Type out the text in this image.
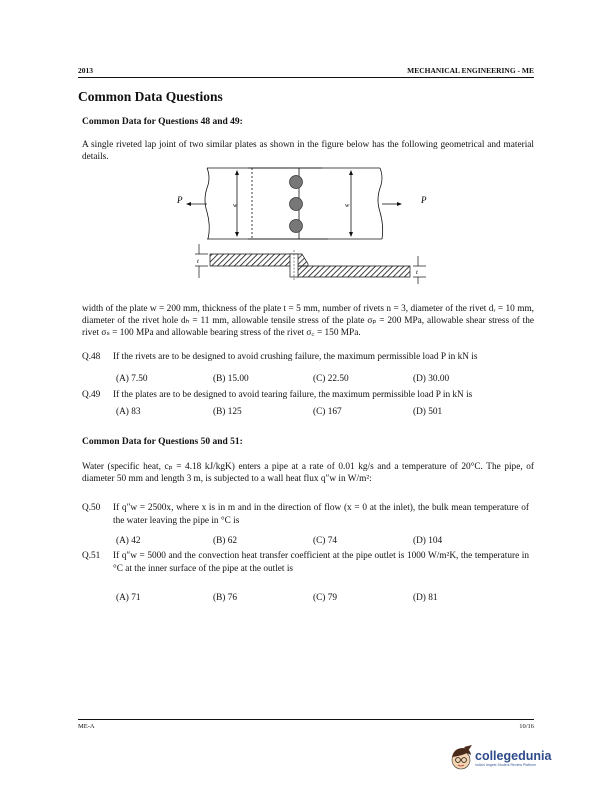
2013	MECHANICAL ENGINEERING - ME
Common Data Questions
Common Data for Questions 48 and 49:
A single riveted lap joint of two similar plates as shown in the figure below has the following geometrical and material details.
P	P
w	w
t
t
width of the plate w = 200 mm, thickness of the plate t = 5 mm, number of rivets n = 3, diameter of the rivet dᵣ = 10 mm, diameter of the rivet hole dₕ = 11 mm, allowable tensile stress of the plate σₚ = 200 MPa, allowable shear stress of the rivet σₛ = 100 MPa and allowable bearing stress of the rivet σ꜀ = 150 MPa.
Q.48 If the rivets are to be designed to avoid crushing failure, the maximum permissible load P in kN is
(A) 7.50	(B) 15.00	(C) 22.50	(D) 30.00
Q.49 If the plates are to be designed to avoid tearing failure, the maximum permissible load P in kN is
(A) 83	(B) 125	(C) 167	(D) 501
Common Data for Questions 50 and 51:
Water (specific heat, cₚ = 4.18 kJ/kgK) enters a pipe at a rate of 0.01 kg/s and a temperature of 20°C. The pipe, of diameter 50 mm and length 3 m, is subjected to a wall heat flux q″w in W/m²:
Q.50 If q″w = 2500x, where x is in m and in the direction of flow (x = 0 at the inlet), the bulk mean temperature of the water leaving the pipe in °C is
(A) 42	(B) 62	(C) 74	(D) 104
Q.51 If q″w = 5000 and the convection heat transfer coefficient at the pipe outlet is 1000 W/m²K, the temperature in °C at the inner surface of the pipe at the outlet is
(A) 71	(B) 76	(C) 79	(D) 81
ME-A	10/16
collegedunia
India's largest Student Review Platform
